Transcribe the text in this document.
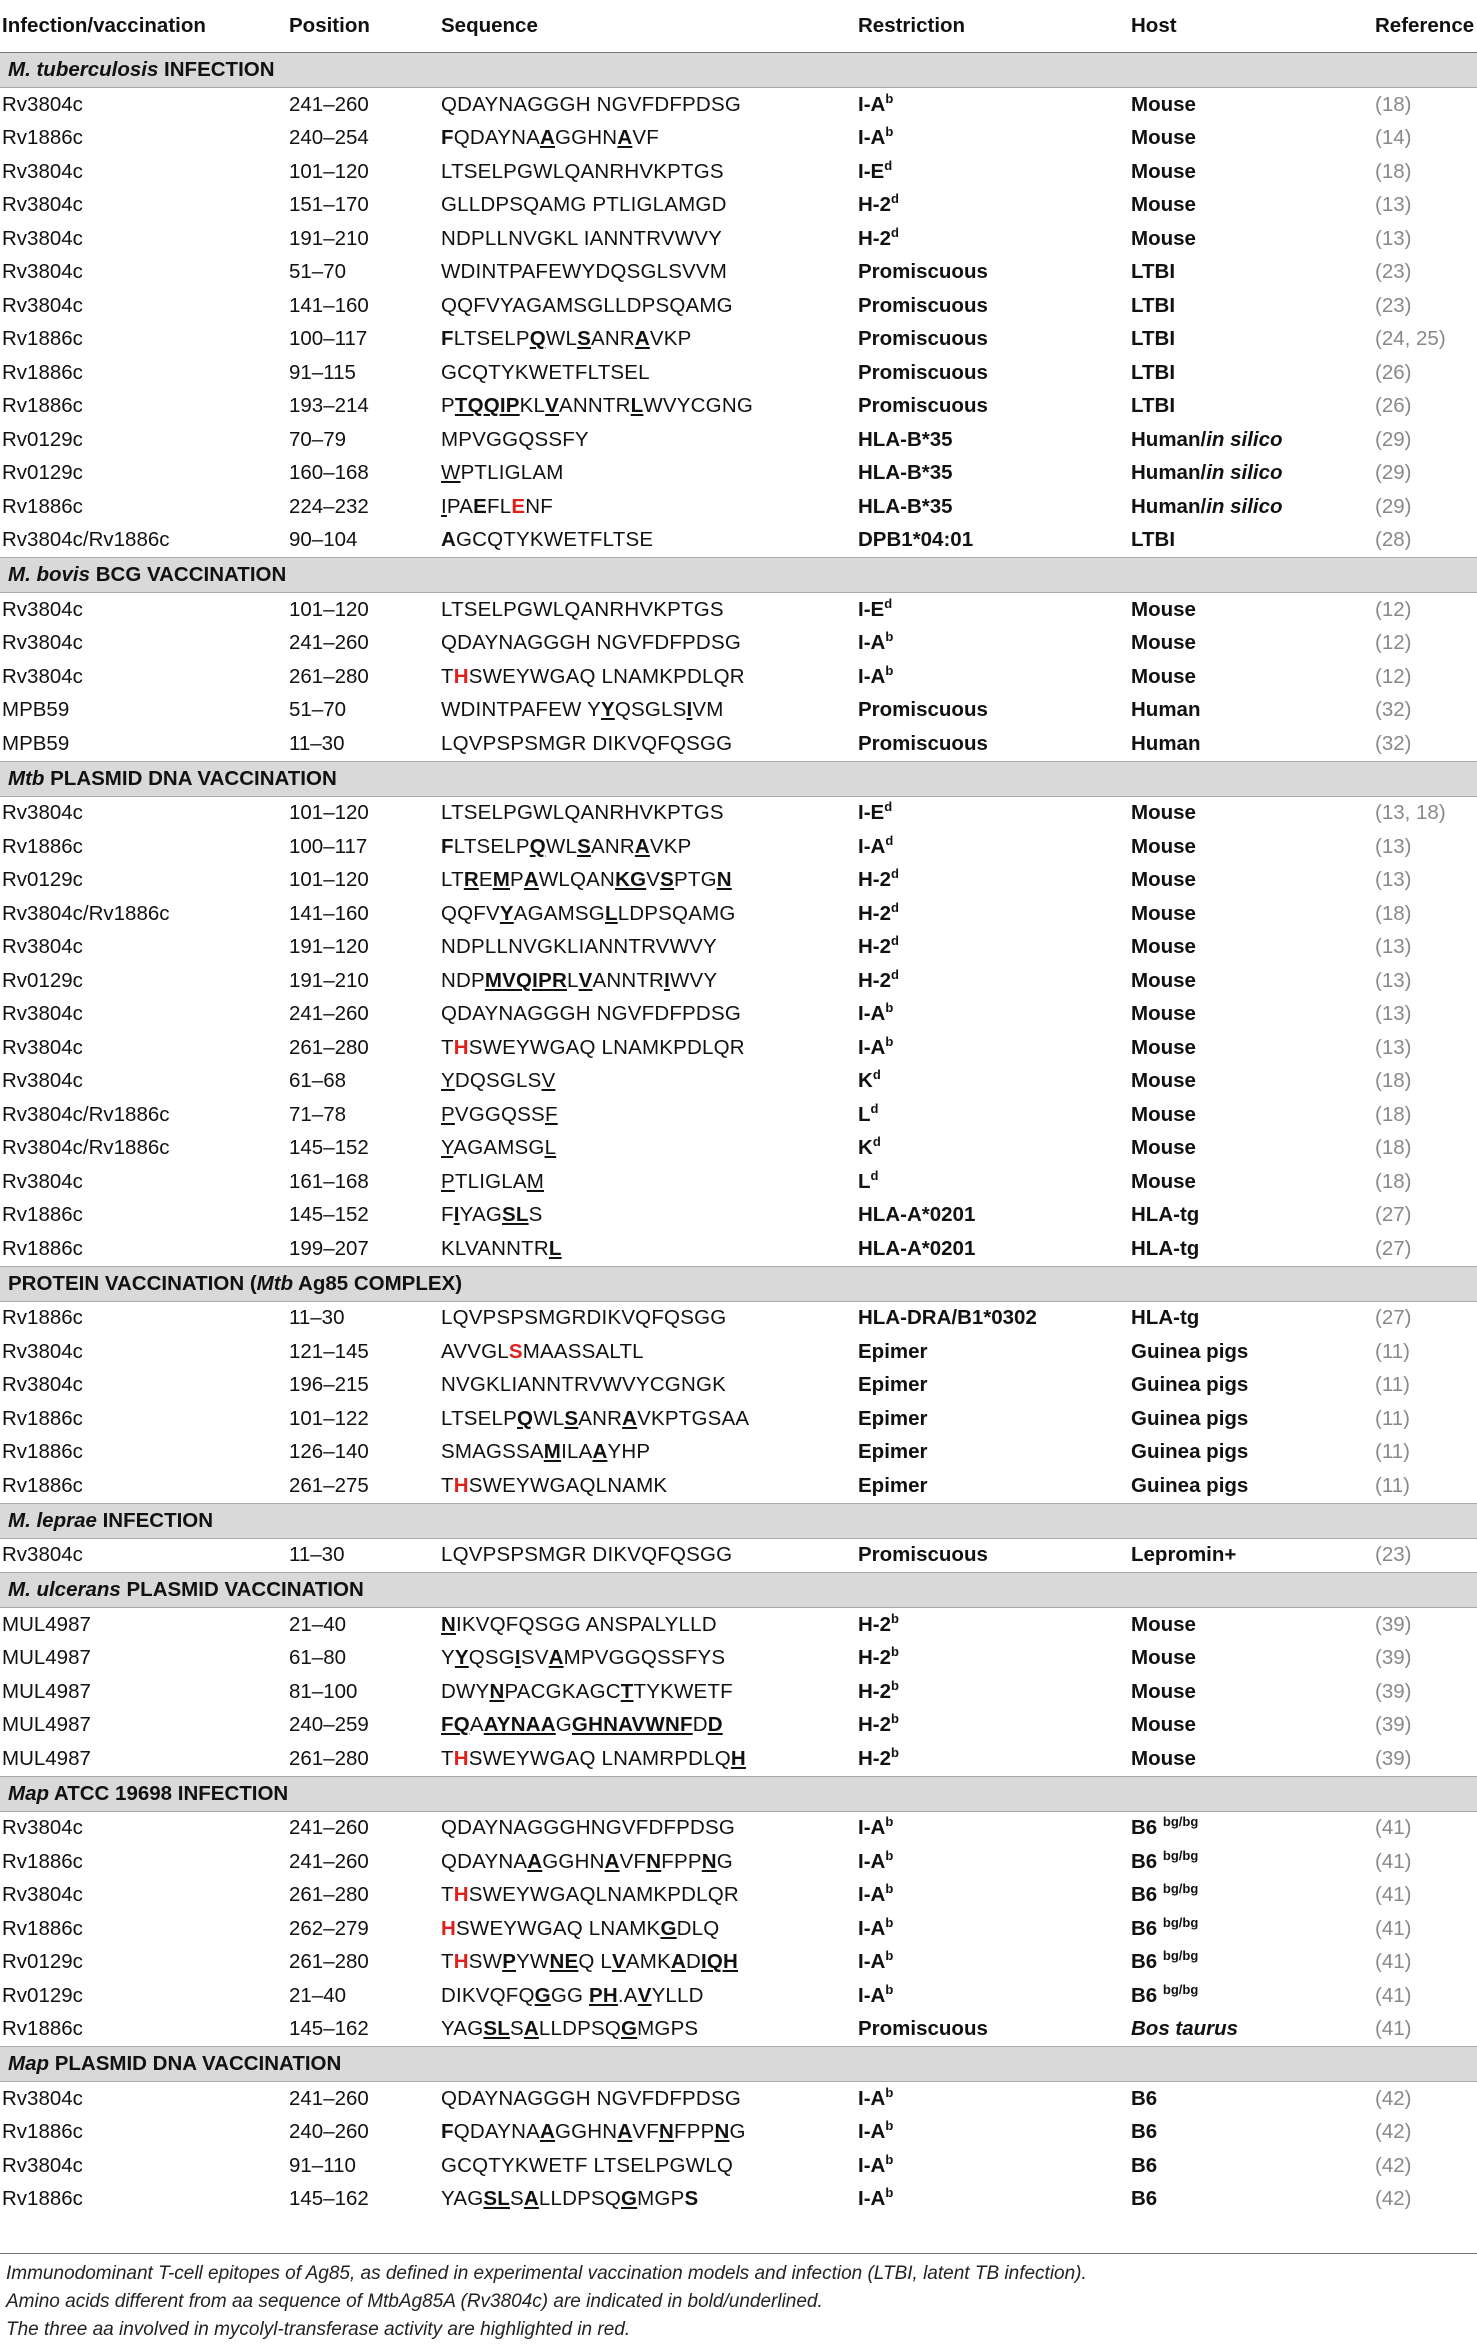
Infection/vaccination	Position	Sequence	Restriction	Host	Reference
M. tuberculosis INFECTION					
Rv3804c	241–260	QDAYNAGGGH NGVFDFPDSG	$I-A^b$	Mouse	(18)
Rv1886c	240–254	FQDAYNAAGGHNAVF	$I-A^b$	Mouse	(14)
Rv3804c	101–120	LTSELPGWLQANRHVKPTGS	$I-E^d$	Mouse	(18)
Rv3804c	151–170	GLLDPSQAMG PTLIGLAMGD	H-2$^d$	Mouse	(13)
Rv3804c	191–210	NDPLLNVGKL IANNTRVWVY	H-2$^d$	Mouse	(13)
Rv3804c	51–70	WDINTPAFEWYDQSGLSVVM	Promiscuous	LTBI	(23)
Rv3804c	141–160	QQFVYAGAMSGLLDPSQAMG	Promiscuous	LTBI	(23)
Rv1886c	100–117	FLTSELPQWLSANRAVKP	Promiscuous	LTBI	(24, 25)
Rv1886c	91–115	GCQTYKWETFLTSEL	Promiscuous	LTBI	(26)
Rv1886c	193–214	PTQQIPKLVANNTRLWVYCGNG	Promiscuous	LTBI	(26)
Rv0129c	70–79	MPVGGQSSFY	HLA-B*35	Human/in silico	(29)
Rv0129c	160–168	WPTLIGLAM	HLA-B*35	Human/in silico	(29)
Rv1886c	224–232	IPAEFLENF	HLA-B*35	Human/in silico	(29)
Rv3804c/Rv1886c	90–104	AGCQTYKWETFLTSE	DPB1*04:01	LTBI	(28)
M. bovis BCG VACCINATION					
Rv3804c	101–120	LTSELPGWLQANRHVKPTGS	$I-E^d$	Mouse	(12)
Rv3804c	241–260	QDAYNAGGGH NGVFDFPDSG	$I-A^b$	Mouse	(12)
Rv3804c	261–280	THSWEYWGAQ LNAMKPDLQR	$I-A^b$	Mouse	(12)
MPB59	51–70	WDINTPAFEW YYQSGLSIVM	Promiscuous	Human	(32)
MPB59	11–30	LQVPSPSMGR DIKVQFQSGG	Promiscuous	Human	(32)
Mtb PLASMID DNA VACCINATION					
Rv3804c	101–120	LTSELPGWLQANRHVKPTGS	$I-E^d$	Mouse	(13, 18)
Rv1886c	100–117	FLTSELPQWLSANRAVKP	$I-A^d$	Mouse	(13)
Rv0129c	101–120	LTREMPAWLQANKGVSPTGN	H-2$^d$	Mouse	(13)
Rv3804c/Rv1886c	141–160	QQFVYAGAMSGLLDPSQAMG	H-2$^d$	Mouse	(18)
Rv3804c	191–120	NDPLLNVGKLIANNTRVWVY	H-2$^d$	Mouse	(13)
Rv0129c	191–210	NDPMVQIPRLVANNTRIWVY	H-2$^d$	Mouse	(13)
Rv3804c	241–260	QDAYNAGGGH NGVFDFPDSG	$I-A^b$	Mouse	(13)
Rv3804c	261–280	THSWEYWGAQ LNAMKPDLQR	$I-A^b$	Mouse	(13)
Rv3804c	61–68	YDQSGLSV	$K^d$	Mouse	(18)
Rv3804c/Rv1886c	71–78	PVGGQSSF	$L^d$	Mouse	(18)
Rv3804c/Rv1886c	145–152	YAGAMSGL	$K^d$	Mouse	(18)
Rv3804c	161–168	PTLIGLAM	$L^d$	Mouse	(18)
Rv1886c	145–152	FIYAGSLS	HLA-A*0201	HLA-tg	(27)
Rv1886c	199–207	KLVANNTRL	HLA-A*0201	HLA-tg	(27)
PROTEIN VACCINATION (Mtb Ag85 COMPLEX)					
Rv1886c	11–30	LQVPSPSMGRDIKVQFQSGG	HLA-DRA/B1*0302	HLA-tg	(27)
Rv3804c	121–145	AVVGLSMAASSALTL	Epimer	Guinea pigs	(11)
Rv3804c	196–215	NVGKLIANNTRVWVYCGNGK	Epimer	Guinea pigs	(11)
Rv1886c	101–122	LTSELPQWLSANRAVKPTGSAA	Epimer	Guinea pigs	(11)
Rv1886c	126–140	SMAGSSAMILAAYHP	Epimer	Guinea pigs	(11)
Rv1886c	261–275	THSWEYWGAQLNAMK	Epimer	Guinea pigs	(11)
M. leprae INFECTION					
Rv3804c	11–30	LQVPSPSMGR DIKVQFQSGG	Promiscuous	Lepromin+	(23)
M. ulcerans PLASMID VACCINATION					
MUL4987	21–40	NIKVQFQSGG ANSPALYLLD	H-2$^b$	Mouse	(39)
MUL4987	61–80	YYQSGISVAMPVGGQSSFYS	H-2$^b$	Mouse	(39)
MUL4987	81–100	DWYNPACGKAGCTTYKWETF	H-2$^b$	Mouse	(39)
MUL4987	240–259	FQAAYNAAGGHNAVWNFDD	H-2$^b$	Mouse	(39)
MUL4987	261–280	THSWEYWGAQ LNAMRPDLQH	H-2$^b$	Mouse	(39)
Map ATCC 19698 INFECTION					
Rv3804c	241–260	QDAYNAGGGHNGVFDFPDSG	$I-A^b$	B6 $^{bg/bg}$	(41)
Rv1886c	241–260	QDAYNAAGGHNAVFNFPPNG	$I-A^b$	B6 $^{bg/bg}$	(41)
Rv3804c	261–280	THSWEYWGAQLNAMKPDLQR	$I-A^b$	B6 $^{bg/bg}$	(41)
Rv1886c	262–279	HSWEYWGAQ LNAMKGDLQ	$I-A^b$	B6 $^{bg/bg}$	(41)
Rv0129c	261–280	THSWPYWNEQ LVAMKADIQH	$I-A^b$	B6 $^{bg/bg}$	(41)
Rv0129c	21–40	DIKVQFQGGG PH.AVYLLD	$I-A^b$	B6 $^{bg/bg}$	(41)
Rv1886c	145–162	YAGSLSALLDPSQGMGPS	Promiscuous	Bos taurus	(41)
Map PLASMID DNA VACCINATION					
Rv3804c	241–260	QDAYNAGGGH NGVFDFPDSG	$I-A^b$	B6	(42)
Rv1886c	240–260	FQDAYNAAGGHNAVFNFPPNG	$I-A^b$	B6	(42)
Rv3804c	91–110	GCQTYKWETF LTSELPGWLQ	$I-A^b$	B6	(42)
Rv1886c	145–162	YAGSLSALLDPSQGMGPS	$I-A^b$	B6	(42)
Immunodominant T-cell epitopes of Ag85, as defined in experimental vaccination models and infection (LTBI, latent TB infection).
Amino acids different from aa sequence of MtbAg85A (Rv3804c) are indicated in bold/underlined.
The three aa involved in mycolyl-transferase activity are highlighted in red.
